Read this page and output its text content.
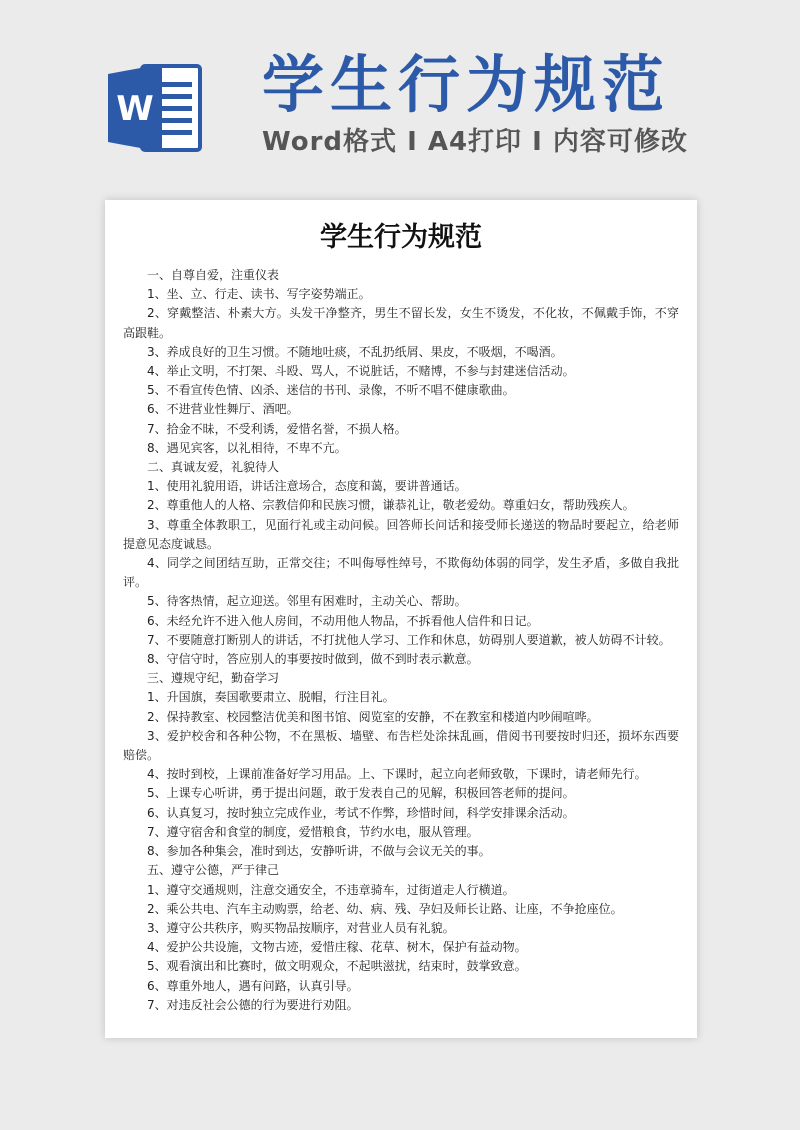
W 学生行为规范
Word格式 I A4打印 I 内容可修改
学生行为规范

一、自尊自爱，注重仪表

1、坐、立、行走、读书、写字姿势端正。

2、穿戴整洁、朴素大方。头发干净整齐，男生不留长发，女生不烫发，不化妆，不佩戴手饰，不穿高跟鞋。

3、养成良好的卫生习惯。不随地吐痰，不乱扔纸屑、果皮，不吸烟，不喝酒。

4、举止文明，不打架、斗殴、骂人，不说脏话，不赌博，不参与封建迷信活动。

5、不看宣传色情、凶杀、迷信的书刊、录像，不听不唱不健康歌曲。

6、不进营业性舞厅、酒吧。

7、拾金不昧，不受利诱，爱惜名誉，不损人格。

8、遇见宾客，以礼相待，不卑不亢。

二、真诚友爱，礼貌待人

1、使用礼貌用语，讲话注意场合，态度和蔼，要讲普通话。

2、尊重他人的人格、宗教信仰和民族习惯，谦恭礼让，敬老爱幼。尊重妇女，帮助残疾人。

3、尊重全体教职工，见面行礼或主动问候。回答师长问话和接受师长递送的物品时要起立，给老师提意见态度诚恳。

4、同学之间团结互助，正常交往；不叫侮辱性绰号，不欺侮幼体弱的同学，发生矛盾，多做自我批评。

5、待客热情，起立迎送。邻里有困难时，主动关心、帮助。

6、未经允许不进入他人房间，不动用他人物品，不拆看他人信件和日记。

7、不要随意打断别人的讲话，不打扰他人学习、工作和休息，妨碍别人要道歉，被人妨碍不计较。

8、守信守时，答应别人的事要按时做到，做不到时表示歉意。

三、遵规守纪，勤奋学习

1、升国旗，奏国歌要肃立、脱帽，行注目礼。

2、保持教室、校园整洁优美和图书馆、阅览室的安静，不在教室和楼道内吵闹喧哗。

3、爱护校舍和各种公物，不在黑板、墙壁、布告栏处涂抹乱画，借阅书刊要按时归还，损坏东西要赔偿。

4、按时到校，上课前准备好学习用品。上、下课时，起立向老师致敬，下课时，请老师先行。

5、上课专心听讲，勇于提出问题，敢于发表自己的见解，积极回答老师的提问。

6、认真复习，按时独立完成作业，考试不作弊，珍惜时间，科学安排课余活动。

7、遵守宿舍和食堂的制度，爱惜粮食，节约水电，服从管理。

8、参加各种集会，准时到达，安静听讲，不做与会议无关的事。

五、遵守公德，严于律己

1、遵守交通规则，注意交通安全，不违章骑车，过街道走人行横道。

2、乘公共电、汽车主动购票，给老、幼、病、残、孕妇及师长让路、让座，不争抢座位。

3、遵守公共秩序，购买物品按顺序，对营业人员有礼貌。

4、爱护公共设施，文物古迹，爱惜庄稼、花草、树木，保护有益动物。

5、观看演出和比赛时，做文明观众，不起哄滋扰，结束时，鼓掌致意。

6、尊重外地人，遇有问路，认真引导。

7、对违反社会公德的行为要进行劝阻。
